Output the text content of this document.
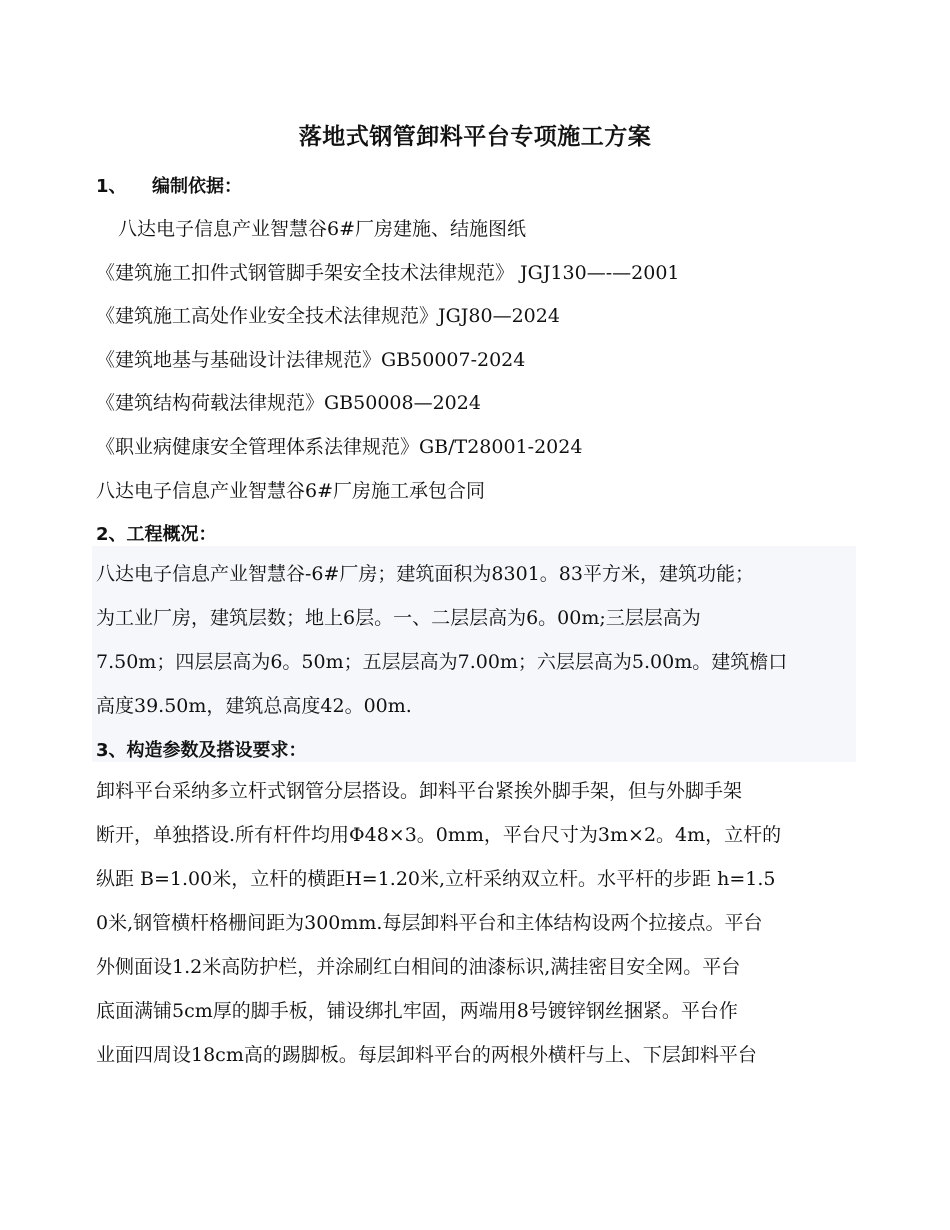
落地式钢管卸料平台专项施工方案
1、 编制依据：
八达电子信息产业智慧谷6#厂房建施、结施图纸
《建筑施工扣件式钢管脚手架安全技术法律规范》 JGJ130—-—2001
《建筑施工高处作业安全技术法律规范》JGJ80—2024
《建筑地基与基础设计法律规范》GB50007-2024
《建筑结构荷载法律规范》GB50008—2024
《职业病健康安全管理体系法律规范》GB/T28001-2024
八达电子信息产业智慧谷6#厂房施工承包合同
2、工程概况：
八达电子信息产业智慧谷-6#厂房；建筑面积为8301。83平方米，建筑功能；
为工业厂房，建筑层数；地上6层。一、二层层高为6。00m;三层层高为
7.50m；四层层高为6。50m；五层层高为7.00m；六层层高为5.00m。建筑檐口
高度39.50m，建筑总高度42。00m.
3、构造参数及搭设要求：
卸料平台采纳多立杆式钢管分层搭设。卸料平台紧挨外脚手架，但与外脚手架
断开，单独搭设.所有杆件均用Φ48×3。0mm，平台尺寸为3m×2。4m，立杆的
纵距 B=1.00米，立杆的横距H=1.20米,立杆采纳双立杆。水平杆的步距 h=1.5
0米,钢管横杆格栅间距为300mm.每层卸料平台和主体结构设两个拉接点。平台
外侧面设1.2米高防护栏，并涂刷红白相间的油漆标识,满挂密目安全网。平台
底面满铺5cm厚的脚手板，铺设绑扎牢固，两端用8号镀锌钢丝捆紧。平台作
业面四周设18cm高的踢脚板。每层卸料平台的两根外横杆与上、下层卸料平台
